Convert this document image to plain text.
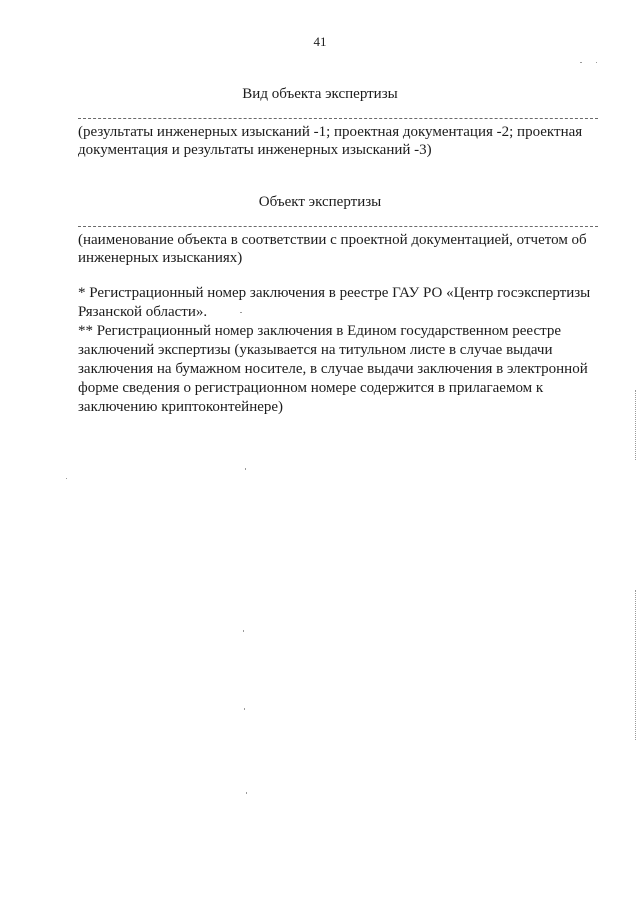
41
Вид объекта экспертизы
(результаты инженерных изысканий -1; проектная документация -2; проектная
документация и результаты инженерных изысканий -3)
Объект экспертизы
(наименование объекта в соответствии с проектной документацией, отчетом об
инженерных изысканиях)
* Регистрационный номер заключения в реестре ГАУ РО «Центр госэкспертизы
Рязанской области».
** Регистрационный номер заключения в Едином государственном реестре
заключений экспертизы (указывается на титульном листе в случае выдачи
заключения на бумажном носителе, в случае выдачи заключения в электронной
форме сведения о регистрационном номере содержится в прилагаемом к
заключению криптоконтейнере)
